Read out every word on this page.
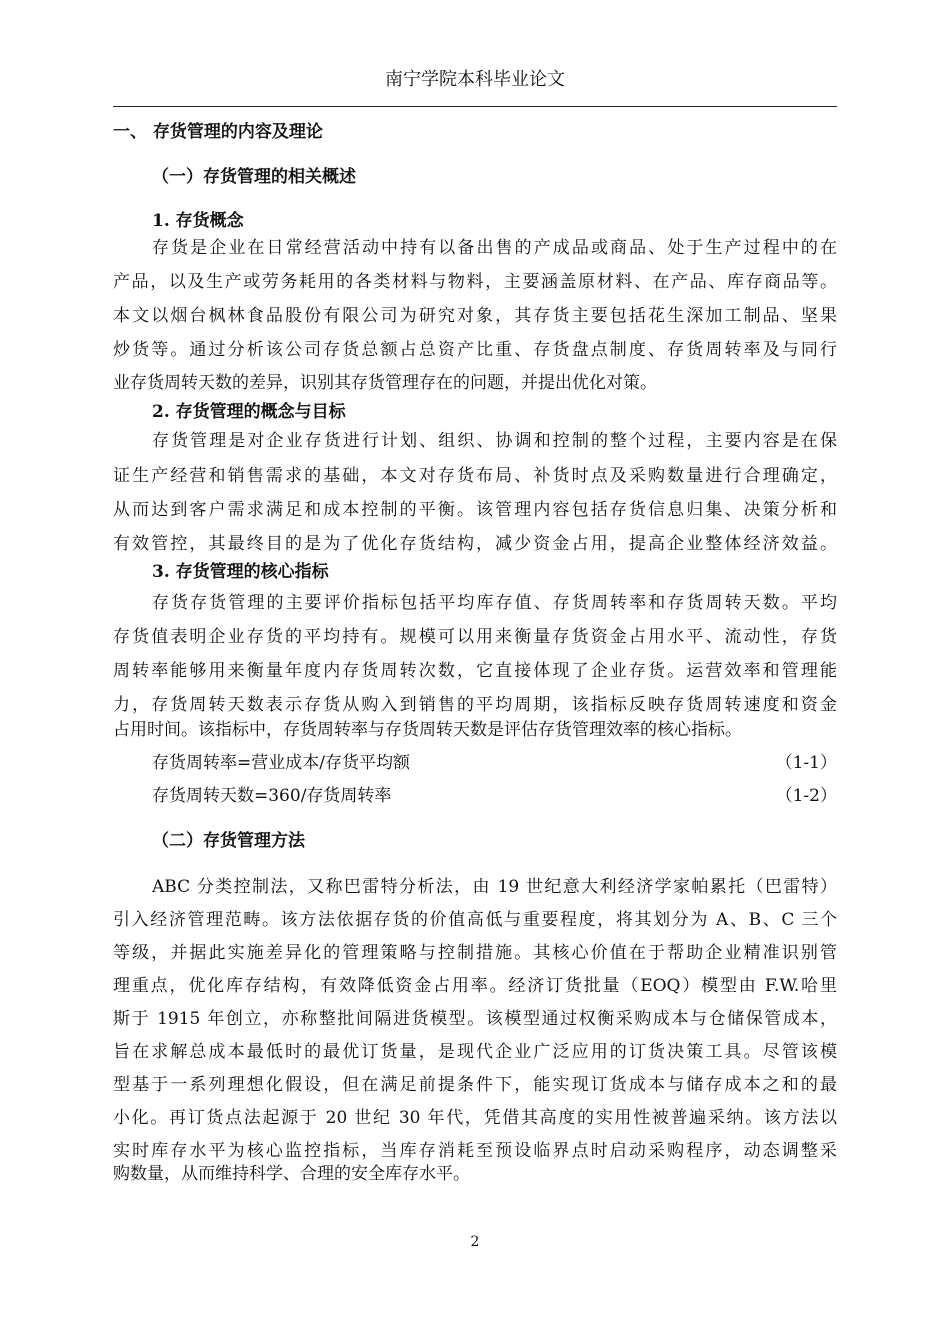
南宁学院本科毕业论文
一、 存货管理的内容及理论
（一）存货管理的相关概述
1. 存货概念
存货是企业在日常经营活动中持有以备出售的产成品或商品、处于生产过程中的在
产品，以及生产或劳务耗用的各类材料与物料，主要涵盖原材料、在产品、库存商品等。
本文以烟台枫林食品股份有限公司为研究对象，其存货主要包括花生深加工制品、坚果
炒货等。通过分析该公司存货总额占总资产比重、存货盘点制度、存货周转率及与同行
业存货周转天数的差异，识别其存货管理存在的问题，并提出优化对策。
2. 存货管理的概念与目标
存货管理是对企业存货进行计划、组织、协调和控制的整个过程，主要内容是在保
证生产经营和销售需求的基础，本文对存货布局、补货时点及采购数量进行合理确定，
从而达到客户需求满足和成本控制的平衡。该管理内容包括存货信息归集、决策分析和
有效管控，其最终目的是为了优化存货结构，减少资金占用，提高企业整体经济效益。
3. 存货管理的核心指标
存货存货管理的主要评价指标包括平均库存值、存货周转率和存货周转天数。平均
存货值表明企业存货的平均持有。规模可以用来衡量存货资金占用水平、流动性，存货
周转率能够用来衡量年度内存货周转次数，它直接体现了企业存货。运营效率和管理能
力，存货周转天数表示存货从购入到销售的平均周期，该指标反映存货周转速度和资金
占用时间。该指标中，存货周转率与存货周转天数是评估存货管理效率的核心指标。
存货周转率=营业成本/存货平均额	（1-1）
存货周转天数=360/存货周转率	（1-2）
（二）存货管理方法
ABC 分类控制法，又称巴雷特分析法，由 19 世纪意大利经济学家帕累托（巴雷特）
引入经济管理范畴。该方法依据存货的价值高低与重要程度，将其划分为 A、B、C 三个
等级，并据此实施差异化的管理策略与控制措施。其核心价值在于帮助企业精准识别管
理重点，优化库存结构，有效降低资金占用率。经济订货批量（EOQ）模型由 F.W.哈里
斯于 1915 年创立，亦称整批间隔进货模型。该模型通过权衡采购成本与仓储保管成本，
旨在求解总成本最低时的最优订货量，是现代企业广泛应用的订货决策工具。尽管该模
型基于一系列理想化假设，但在满足前提条件下，能实现订货成本与储存成本之和的最
小化。再订货点法起源于 20 世纪 30 年代，凭借其高度的实用性被普遍采纳。该方法以
实时库存水平为核心监控指标，当库存消耗至预设临界点时启动采购程序，动态调整采
购数量，从而维持科学、合理的安全库存水平。
2
